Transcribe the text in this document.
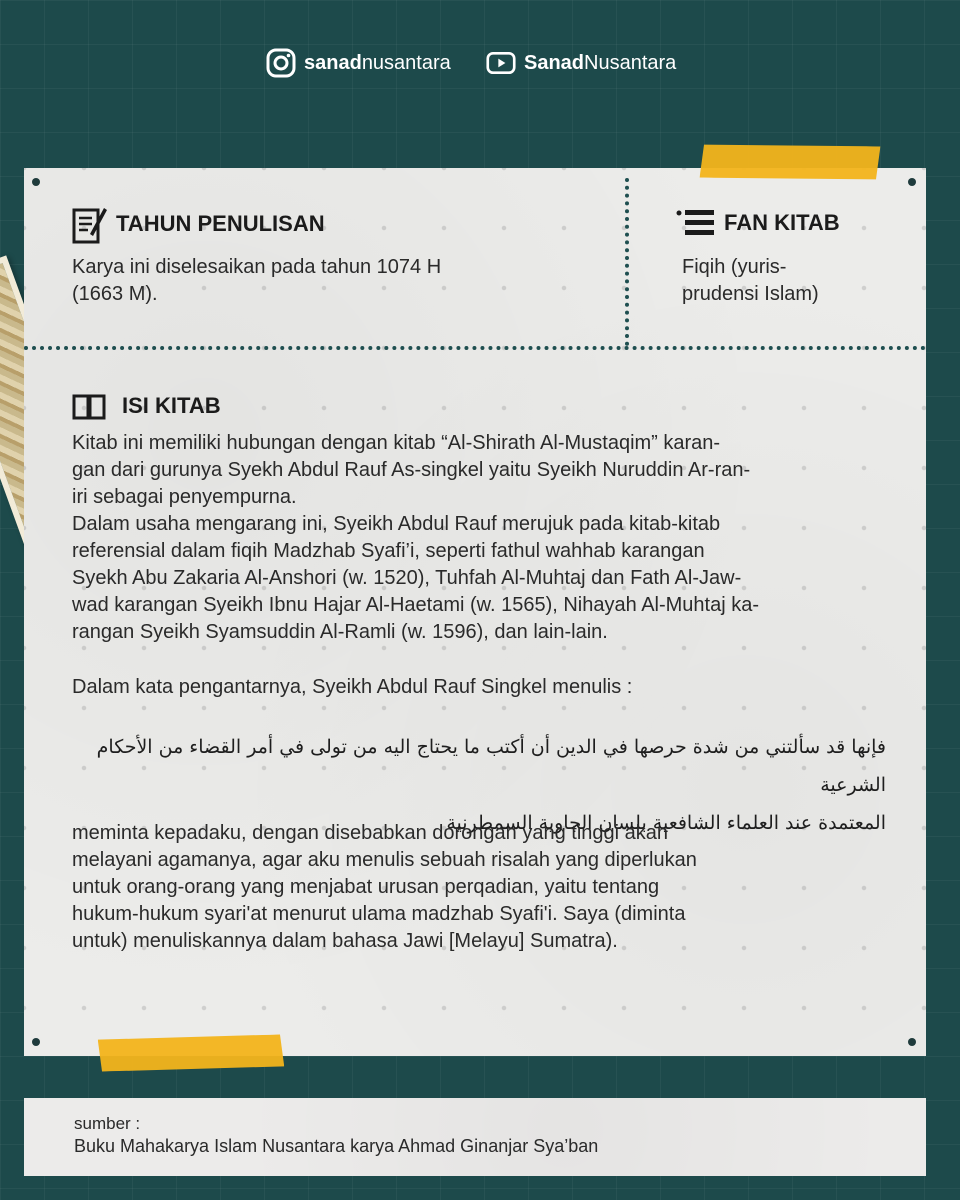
sanad nusantara	Sanad Nusantara
TAHUN PENULISAN
Karya ini diselesaikan pada tahun 1074 H
(1663 M).
FAN KITAB
Fiqih (yuris-
prudensi Islam)
ISI KITAB
Kitab ini memiliki hubungan dengan kitab “Al-Shirath Al-Mustaqim” karan-
gan dari gurunya Syekh Abdul Rauf As-singkel yaitu Syeikh Nuruddin Ar-ran-
iri sebagai penyempurna.
Dalam usaha mengarang ini, Syeikh Abdul Rauf merujuk pada kitab-kitab
referensial dalam fiqih Madzhab Syafi’i, seperti fathul wahhab karangan
Syekh Abu Zakaria Al-Anshori (w. 1520), Tuhfah Al-Muhtaj dan Fath Al-Jaw-
wad karangan Syeikh Ibnu Hajar Al-Haetami (w. 1565), Nihayah Al-Muhtaj ka-
rangan Syeikh Syamsuddin Al-Ramli (w. 1596), dan lain-lain.
Dalam kata pengantarnya, Syeikh Abdul Rauf Singkel menulis :
فإنها قد سألتني من شدة حرصها في الدين أن أكتب ما يحتاج اليه من تولى في أمر القضاء من الأحكام الشرعية
المعتمدة عند العلماء الشافعية بلسان الجاوية السمطرنية
meminta kepadaku, dengan disebabkan dorongan yang tinggi akan
melayani agamanya, agar aku menulis sebuah risalah yang diperlukan
untuk orang-orang yang menjabat urusan perqadian, yaitu tentang
hukum-hukum syari'at menurut ulama madzhab Syafi'i. Saya (diminta
untuk) menuliskannya dalam bahasa Jawi [Melayu] Sumatra).
sumber :
Buku Mahakarya Islam Nusantara karya Ahmad Ginanjar Sya’ban
